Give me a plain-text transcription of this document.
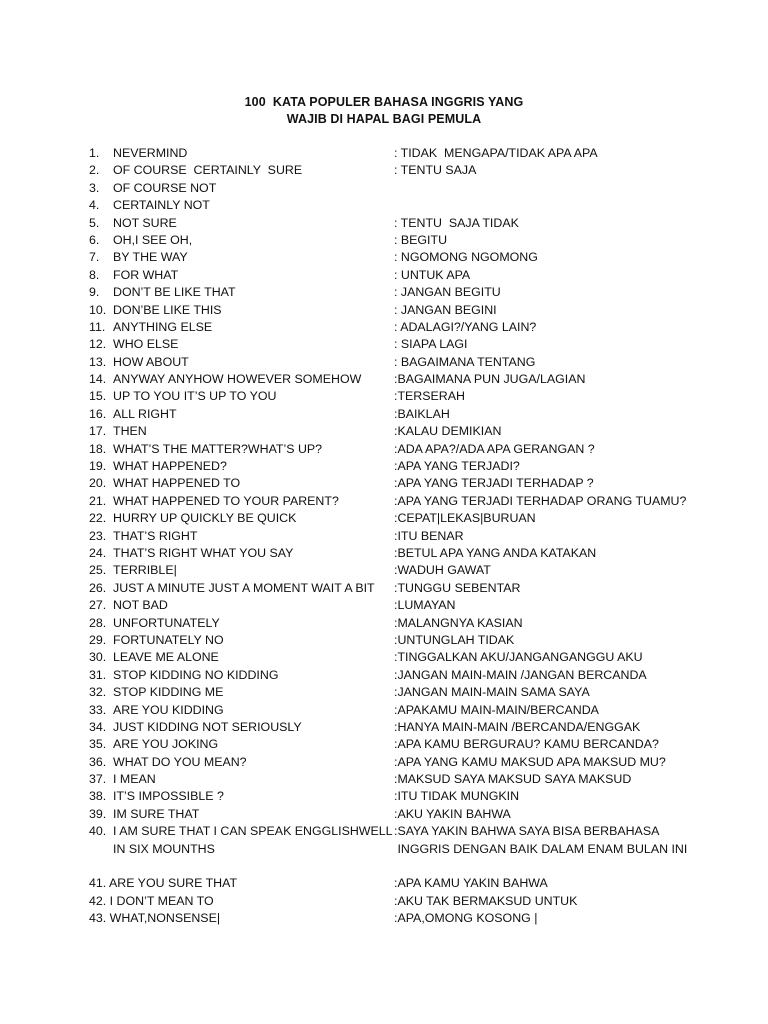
100  KATA POPULER BAHASA INGGRIS YANG
WAJIB DI HAPAL BAGI PEMULA
1. NEVERMIND	: TIDAK  MENGAPA/TIDAK APA APA
2. OF COURSE  CERTAINLY  SURE	: TENTU SAJA
3. OF COURSE NOT
4. CERTAINLY NOT
5. NOT SURE	: TENTU  SAJA TIDAK
6. OH,I SEE OH,	: BEGITU
7. BY THE WAY	: NGOMONG NGOMONG
8. FOR WHAT	: UNTUK APA
9. DON’T BE LIKE THAT	: JANGAN BEGITU
10. DON’BE LIKE THIS	: JANGAN BEGINI
11. ANYTHING ELSE	: ADALAGI?/YANG LAIN?
12. WHO ELSE	: SIAPA LAGI
13. HOW ABOUT	: BAGAIMANA TENTANG
14. ANYWAY ANYHOW HOWEVER SOMEHOW	:BAGAIMANA PUN JUGA/LAGIAN
15. UP TO YOU IT’S UP TO YOU	:TERSERAH
16. ALL RIGHT	:BAIKLAH
17. THEN	:KALAU DEMIKIAN
18. WHAT’S THE MATTER?WHAT’S UP?	:ADA APA?/ADA APA GERANGAN ?
19. WHAT HAPPENED?	:APA YANG TERJADI?
20. WHAT HAPPENED TO	:APA YANG TERJADI TERHADAP ?
21. WHAT HAPPENED TO YOUR PARENT?	:APA YANG TERJADI TERHADAP ORANG TUAMU?
22. HURRY UP QUICKLY BE QUICK	:CEPAT|LEKAS|BURUAN
23. THAT’S RIGHT	:ITU BENAR
24. THAT’S RIGHT WHAT YOU SAY	:BETUL APA YANG ANDA KATAKAN
25. TERRIBLE|	:WADUH GAWAT
26. JUST A MINUTE JUST A MOMENT WAIT A BIT :TUNGGU SEBENTAR
27. NOT BAD	:LUMAYAN
28. UNFORTUNATELY	:MALANGNYA KASIAN
29. FORTUNATELY NO	:UNTUNGLAH TIDAK
30. LEAVE ME ALONE	:TINGGALKAN AKU/JANGANGANGGU AKU
31. STOP KIDDING NO KIDDING	:JANGAN MAIN-MAIN /JANGAN BERCANDA
32. STOP KIDDING ME	:JANGAN MAIN-MAIN SAMA SAYA
33. ARE YOU KIDDING	:APAKAMU MAIN-MAIN/BERCANDA
34. JUST KIDDING NOT SERIOUSLY	:HANYA MAIN-MAIN /BERCANDA/ENGGAK
35. ARE YOU JOKING	:APA KAMU BERGURAU? KAMU BERCANDA?
36. WHAT DO YOU MEAN?	:APA YANG KAMU MAKSUD APA MAKSUD MU?
37. I MEAN	:MAKSUD SAYA MAKSUD SAYA MAKSUD
38. IT’S IMPOSSIBLE ?	:ITU TIDAK MUNGKIN
39. IM SURE THAT	:AKU YAKIN BAHWA
40. I AM SURE THAT I CAN SPEAK ENGGLISHWELL :SAYA YAKIN BAHWA SAYA BISA BERBAHASA
IN SIX MOUNTHS	INGGRIS DENGAN BAIK DALAM ENAM BULAN INI
41. ARE YOU SURE THAT	:APA KAMU YAKIN BAHWA
42. I DON’T MEAN TO	:AKU TAK BERMAKSUD UNTUK
43. WHAT,NONSENSE|	:APA,OMONG KOSONG |
